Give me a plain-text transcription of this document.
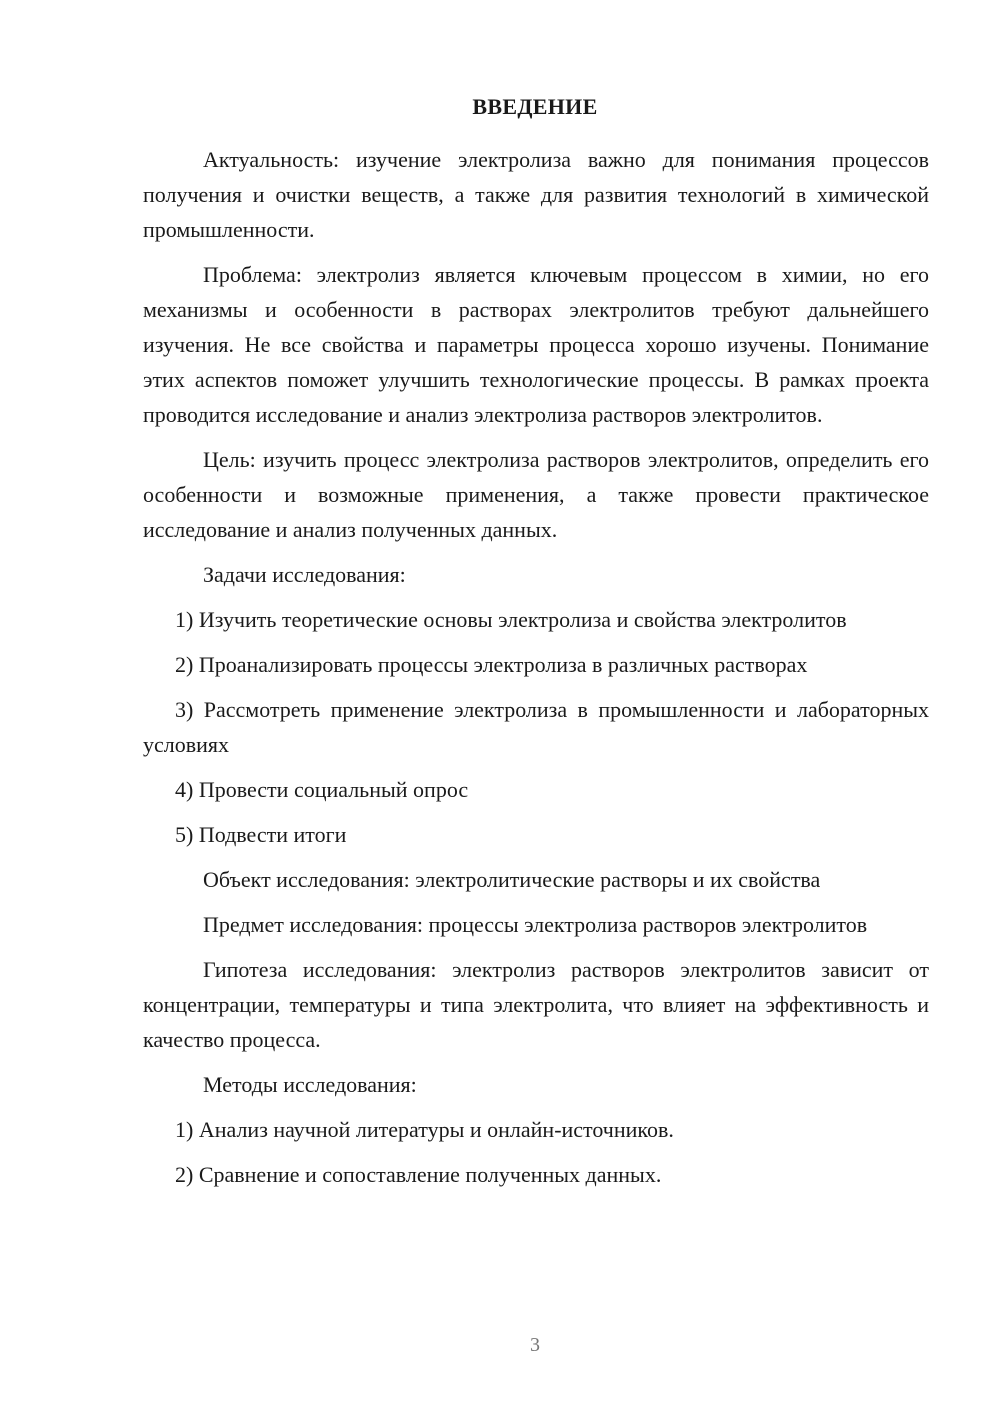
ВВЕДЕНИЕ

Актуальность: изучение электролиза важно для понимания процессов получения и очистки веществ, а также для развития технологий в химической промышленности.

Проблема: электролиз является ключевым процессом в химии, но его механизмы и особенности в растворах электролитов требуют дальнейшего изучения. Не все свойства и параметры процесса хорошо изучены. Понимание этих аспектов поможет улучшить технологические процессы. В рамках проекта проводится исследование и анализ электролиза растворов электролитов.

Цель: изучить процесс электролиза растворов электролитов, определить его особенности и возможные применения, а также провести практическое исследование и анализ полученных данных.

Задачи исследования:

1) Изучить теоретические основы электролиза и свойства электролитов

2) Проанализировать процессы электролиза в различных растворах

3) Рассмотреть применение электролиза в промышленности и лабораторных условиях

4) Провести социальный опрос

5) Подвести итоги

Объект исследования: электролитические растворы и их свойства

Предмет исследования: процессы электролиза растворов электролитов

Гипотеза исследования: электролиз растворов электролитов зависит от концентрации, температуры и типа электролита, что влияет на эффективность и качество процесса.

Методы исследования:

1) Анализ научной литературы и онлайн-источников.

2) Сравнение и сопоставление полученных данных.

3
